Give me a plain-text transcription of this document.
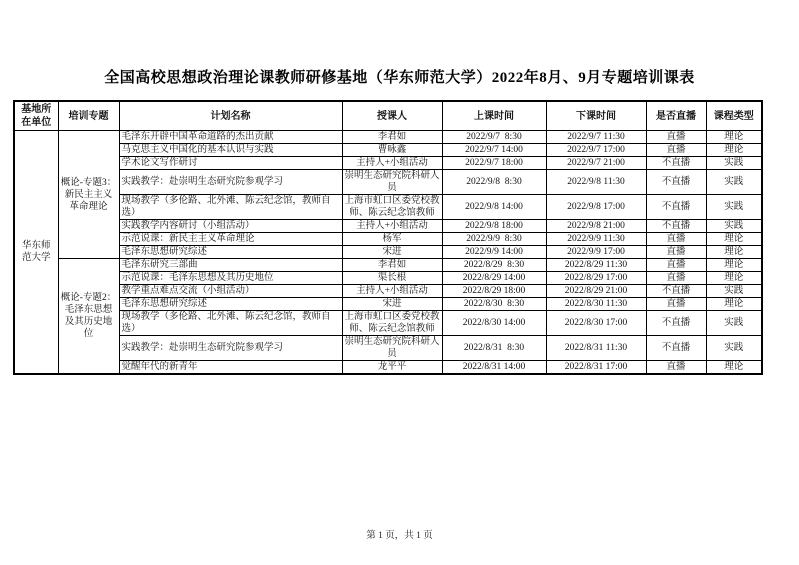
全国高校思想政治理论课教师研修基地（华东师范大学）2022年8月、9月专题培训课表
基地所在单位	培训专题	计划名称	授课人	上课时间	下课时间	是否直播	课程类型
华东师范大学	概论-专题3：新民主主义革命理论	毛泽东开辟中国革命道路的杰出贡献	李君如	2022/9/7  8:30	2022/9/7 11:30	直播	理论
		马克思主义中国化的基本认识与实践	曹咏鑫	2022/9/7 14:00	2022/9/7 17:00	直播	理论
		学术论文写作研讨	主持人+小组活动	2022/9/7 18:00	2022/9/7 21:00	不直播	实践
		实践教学：赴崇明生态研究院参观学习	崇明生态研究院科研人员	2022/9/8  8:30	2022/9/8 11:30	不直播	实践
		现场教学（多伦路、北外滩、陈云纪念馆，教师自选）	上海市虹口区委党校教师、陈云纪念馆教师	2022/9/8 14:00	2022/9/8 17:00	不直播	实践
		实践教学内容研讨（小组活动）	主持人+小组活动	2022/9/8 18:00	2022/9/8 21:00	不直播	实践
		示范说课：新民主主义革命理论	杨军	2022/9/9  8:30	2022/9/9 11:30	直播	理论
		毛泽东思想研究综述	宋进	2022/9/9 14:00	2022/9/9 17:00	直播	理论
	概论-专题2：毛泽东思想及其历史地位	毛泽东研究三部曲	李君如	2022/8/29  8:30	2022/8/29 11:30	直播	理论
		示范说课：毛泽东思想及其历史地位	渠长根	2022/8/29 14:00	2022/8/29 17:00	直播	理论
		教学重点难点交流（小组活动）	主持人+小组活动	2022/8/29 18:00	2022/8/29 21:00	不直播	实践
		毛泽东思想研究综述	宋进	2022/8/30  8:30	2022/8/30 11:30	直播	理论
		现场教学（多伦路、北外滩、陈云纪念馆，教师自选）	上海市虹口区委党校教师、陈云纪念馆教师	2022/8/30 14:00	2022/8/30 17:00	不直播	实践
		实践教学：赴崇明生态研究院参观学习	崇明生态研究院科研人员	2022/8/31  8:30	2022/8/31 11:30	不直播	实践
		觉醒年代的新青年	龙平平	2022/8/31 14:00	2022/8/31 17:00	直播	理论
第 1 页，共 1 页
